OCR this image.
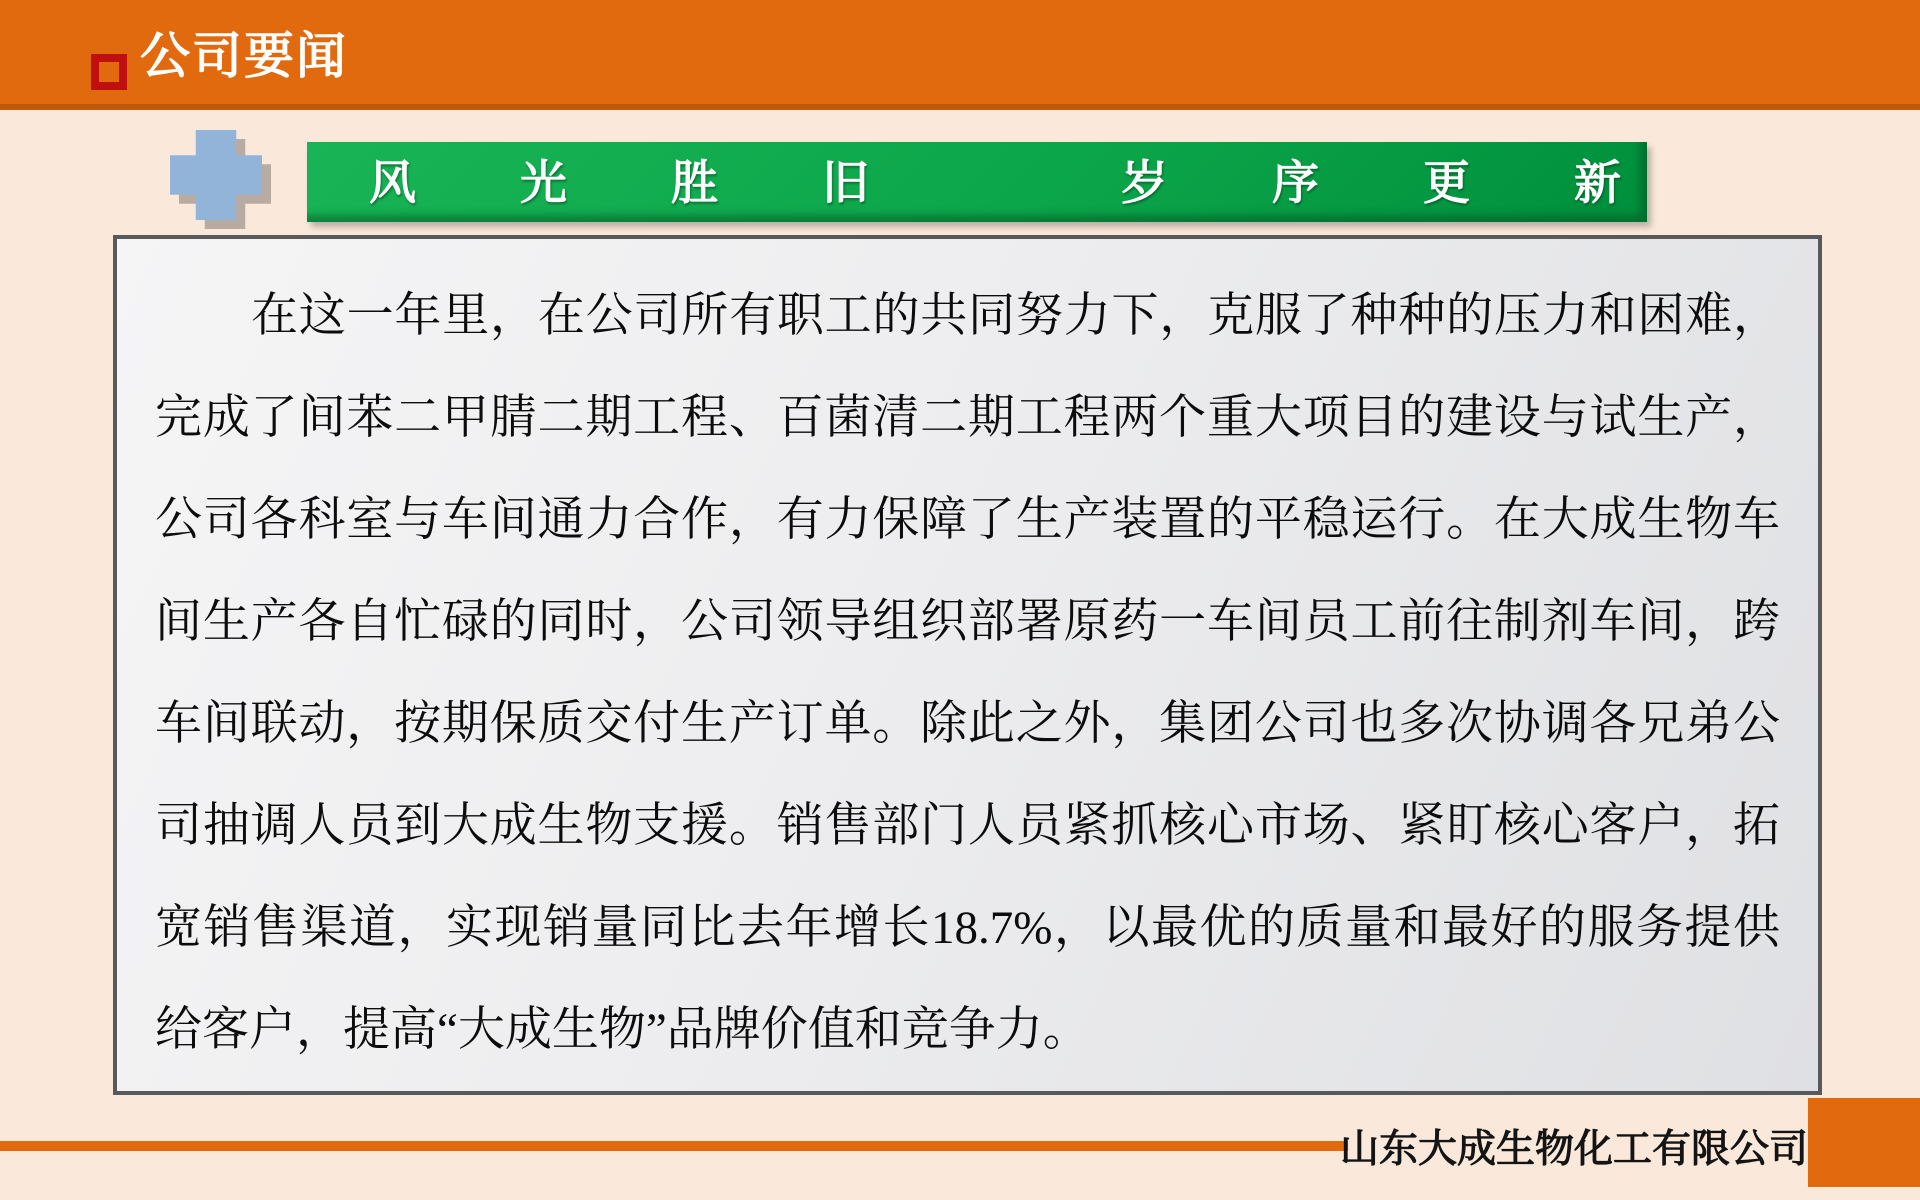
公司要闻
风 光 胜 旧	岁 序 更 新
在这一年里，在公司所有职工的共同努力下，克服了种种的压力和困难，
完成了间苯二甲腈二期工程、百菌清二期工程两个重大项目的建设与试生产，
公司各科室与车间通力合作，有力保障了生产装置的平稳运行。在大成生物车
间生产各自忙碌的同时，公司领导组织部署原药一车间员工前往制剂车间，跨
车间联动，按期保质交付生产订单。除此之外，集团公司也多次协调各兄弟公
司抽调人员到大成生物支援。销售部门人员紧抓核心市场、紧盯核心客户，拓
宽销售渠道，实现销量同比去年增长18.7%，以最优的质量和最好的服务提供
给客户，提高“大成生物”品牌价值和竞争力。
山东大成生物化工有限公司
